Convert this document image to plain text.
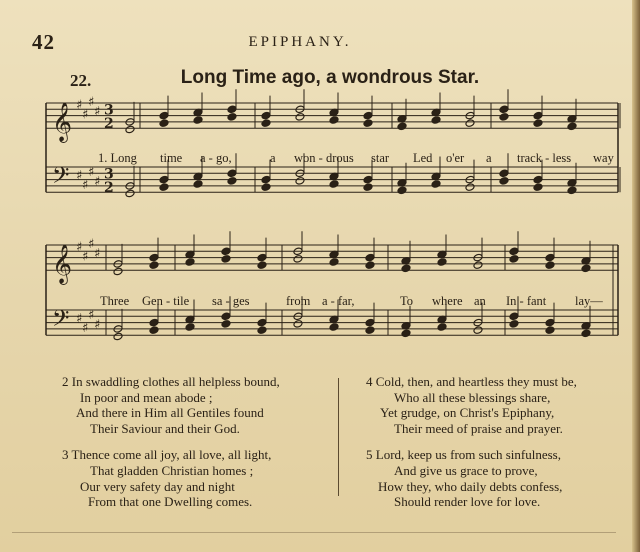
42	EPIPHANY.
22.	Long Time ago, a wondrous Star.
𝄞 ♯
♯
♯
♯ 3
2
𝄢 ♯
♯
♯
♯ 3
2
𝄞 ♯
♯
♯
♯
𝄢 ♯
♯
♯
♯
1. Long time a - go,	a won - drous star Led o'er a track - less way
Three Gen - tile sa - ges	from a - far,	To where an In - fant lay—
2 In swaddling clothes all helpless bound,
In poor and mean abode ;
And there in Him all Gentiles found
Their Saviour and their God.
3 Thence come all joy, all love, all light,
That gladden Christian homes ;
Our very safety day and night
From that one Dwelling comes.
4 Cold, then, and heartless they must be,
Who all these blessings share,
Yet grudge, on Christ's Epiphany,
Their meed of praise and prayer.
5 Lord, keep us from such sinfulness,
And give us grace to prove,
How they, who daily debts confess,
Should render love for love.
